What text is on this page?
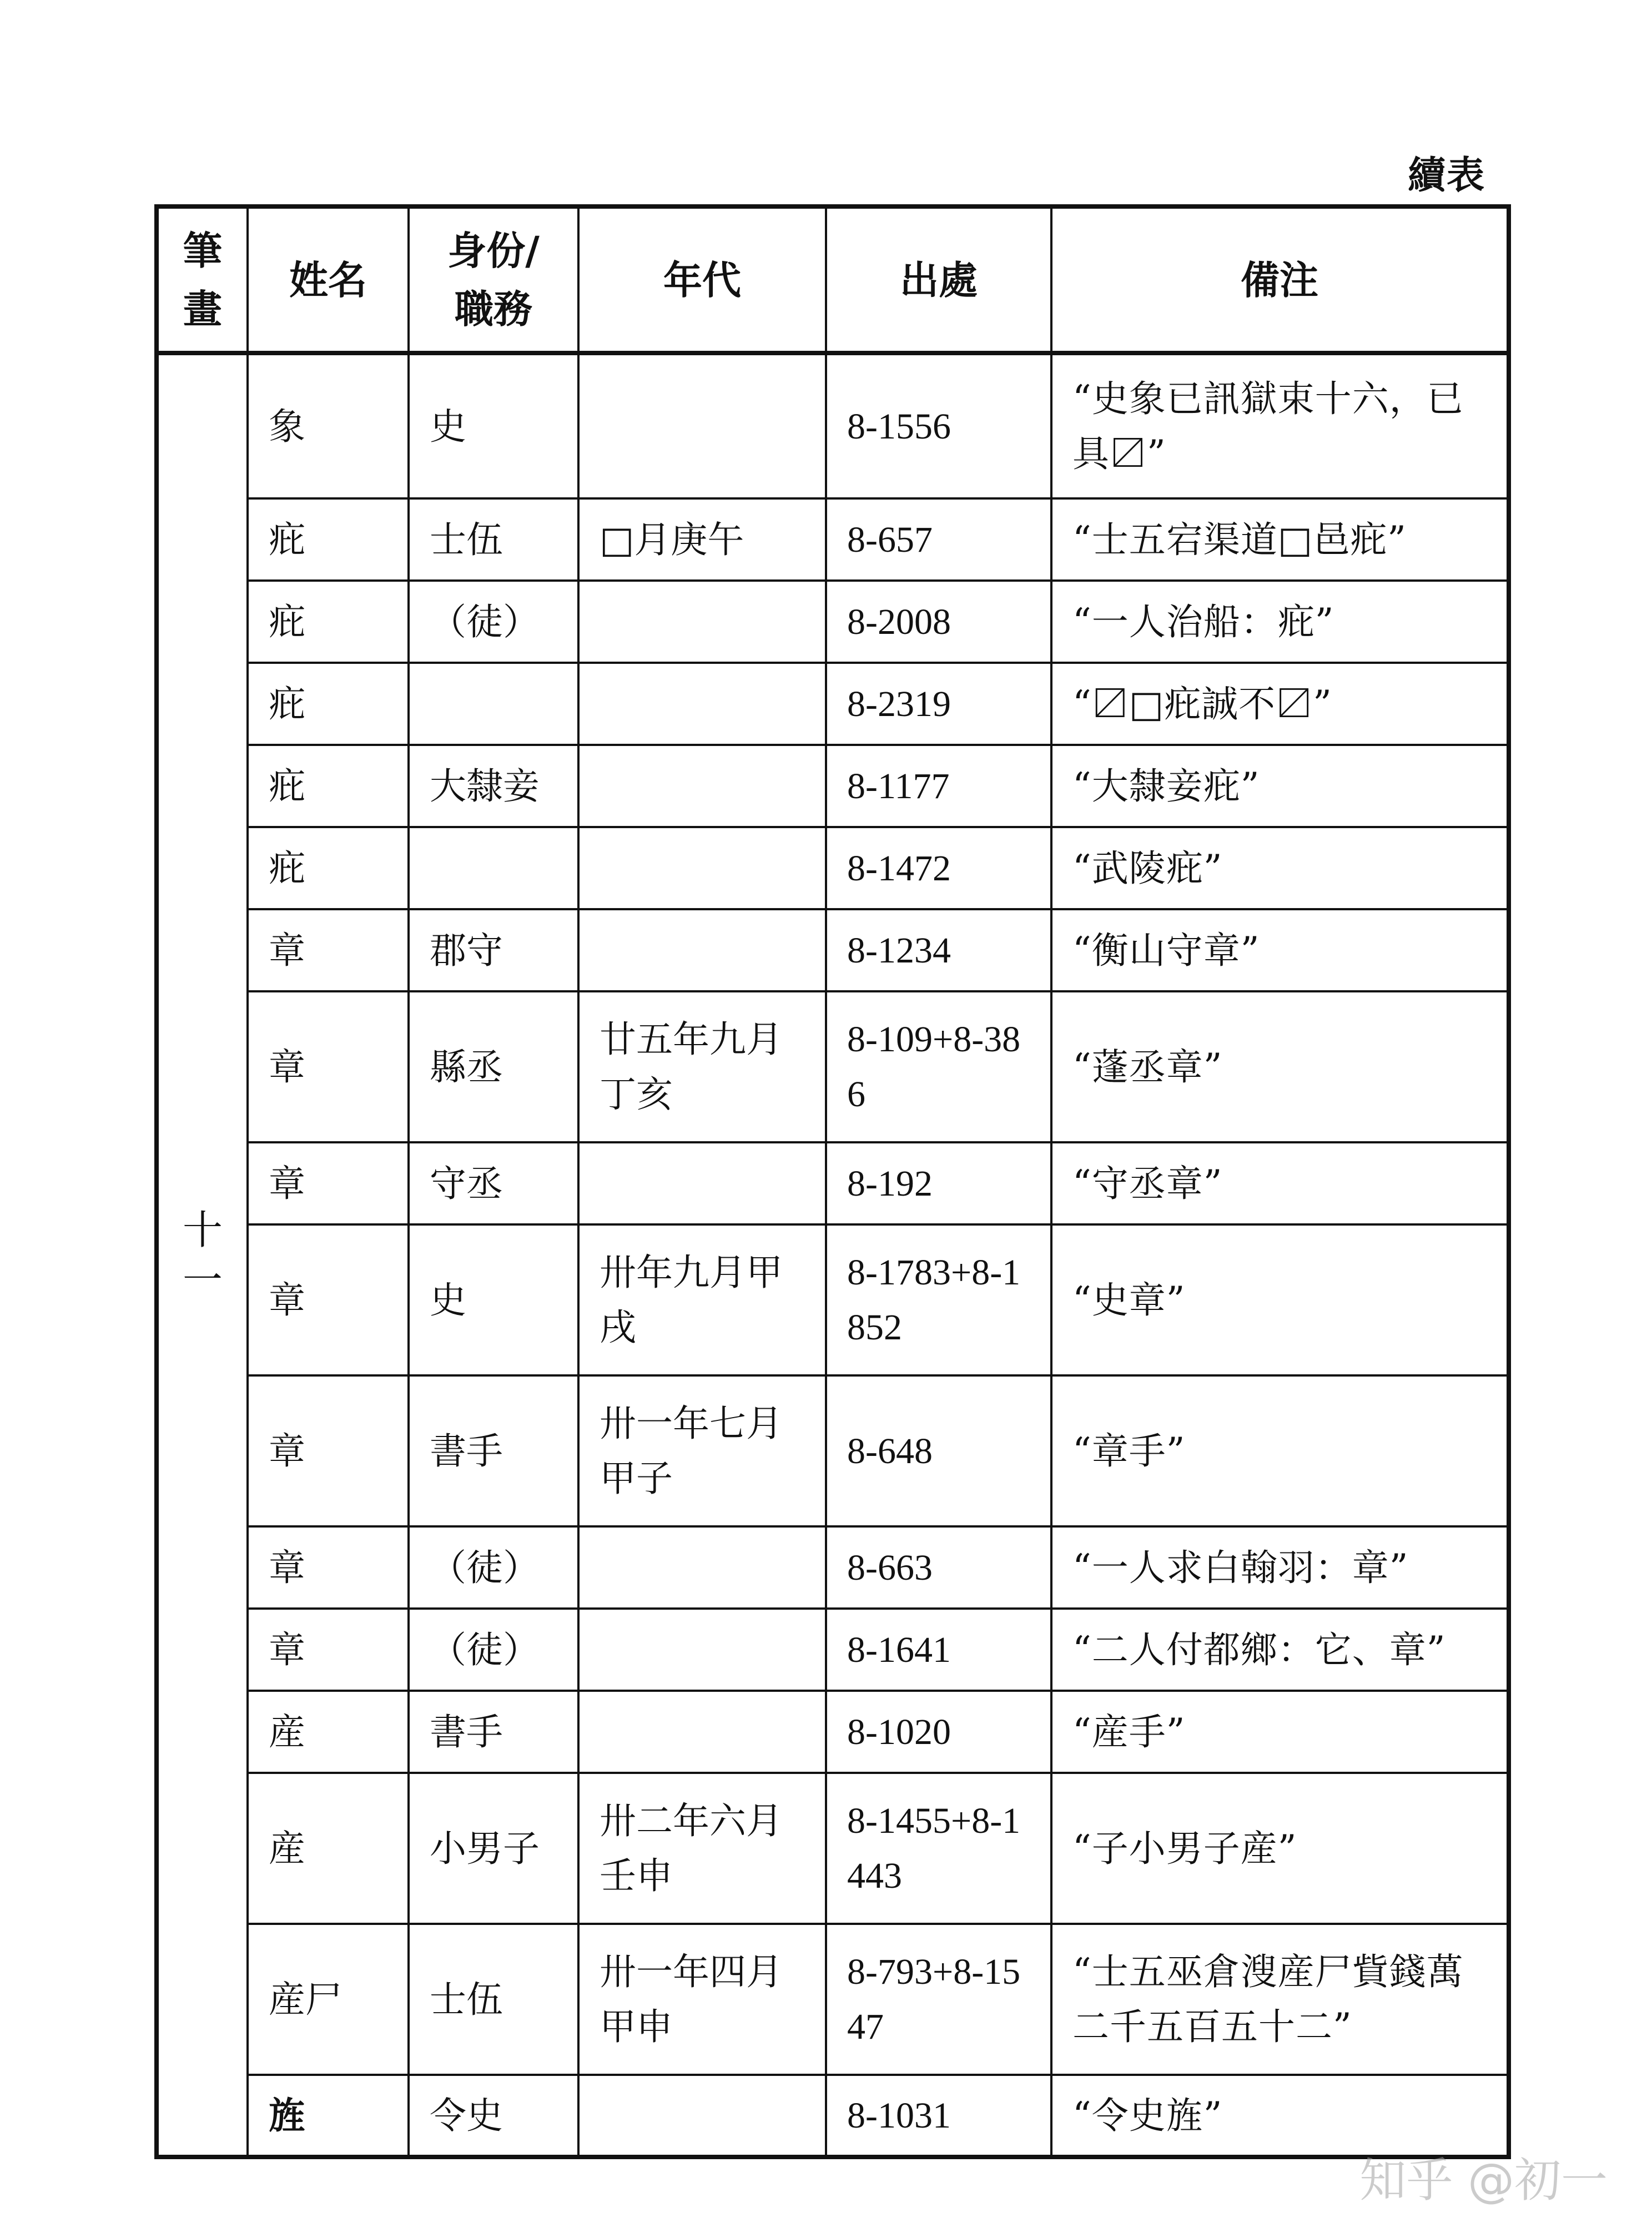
續表
筆畫	姓名	身份/職務	年代	出處	備注

十一	象	史		8-1556	“史象已訊獄束十六，已具〼”
	疪	士伍	□月庚午	8-657	“士五宕渠道□邑疪”
	疪	（徒）		8-2008	“一人治船：疪”
	疪			8-2319	“〼□疪誠不〼”
	疪	大隸妾		8-1177	“大隸妾疪”
	疪			8-1472	“武陵疪”
	章	郡守		8-1234	“衡山守章”
	章	縣丞	廿五年九月丁亥	8-109+8-386	“蓬丞章”
	章	守丞		8-192	“守丞章”
	章	史	卅年九月甲戌	8-1783+8-1852	“史章”
	章	書手	卅一年七月甲子	8-648	“章手”
	章	（徒）		8-663	“一人求白翰羽：章”
	章	（徒）		8-1641	“二人付都鄉：它、章”
	産	書手		8-1020	“産手”
	産	小男子	卅二年六月壬申	8-1455+8-1443	“子小男子産”
	産尸	士伍	卅一年四月甲申	8-793+8-1547	“士五巫倉溲産尸貲錢萬二千五百五十二”
	旌	令史		8-1031	“令史旌”
知乎 @初一
